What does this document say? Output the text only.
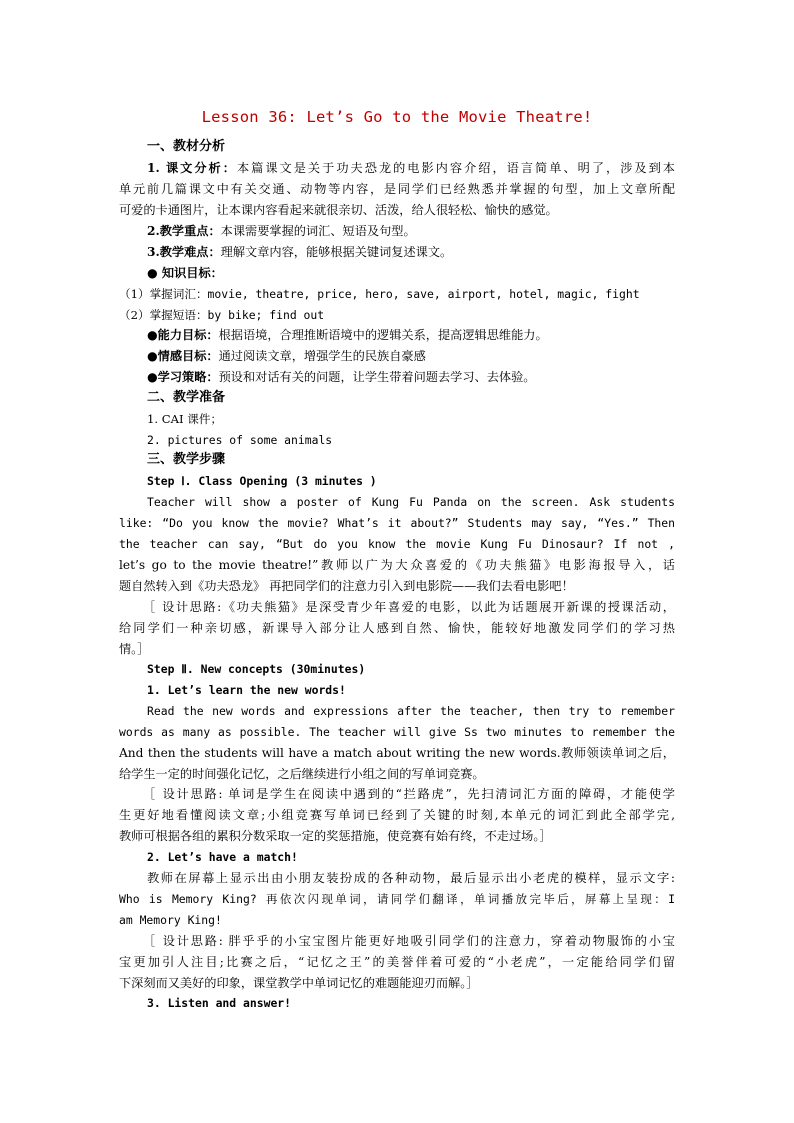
Lesson 36: Let’s Go to the Movie Theatre!
一、教材分析
1. 课文分析：本篇课文是关于功夫恐龙的电影内容介绍，语言简单、明了，涉及到本
单元前几篇课文中有关交通、动物等内容，是同学们已经熟悉并掌握的句型，加上文章所配
可爱的卡通图片，让本课内容看起来就很亲切、活泼，给人很轻松、愉快的感觉。
2.教学重点：本课需要掌握的词汇、短语及句型。
3.教学难点：理解文章内容，能够根据关键词复述课文。
● 知识目标：
（1）掌握词汇：movie, theatre, price, hero, save, airport, hotel, magic, fight
（2）掌握短语：by bike; find out
●能力目标：根据语境，合理推断语境中的逻辑关系，提高逻辑思维能力。
●情感目标：通过阅读文章，增强学生的民族自豪感
●学习策略：预设和对话有关的问题，让学生带着问题去学习、去体验。
二、教学准备
1. CAI 课件；
2. pictures of some animals
三、教学步骤
Step Ⅰ. Class Opening (3 minutes )
Teacher will show a poster of Kung Fu Panda on the screen. Ask students
like: “Do you know the movie? What’s it about?” Students may say, “Yes.” Then
the teacher can say, “But do you know the movie Kung Fu Dinosaur? If not ,
let’s go to the movie theatre!”教师以广为大众喜爱的《功夫熊猫》电影海报导入，话
题自然转入到《功夫恐龙》 再把同学们的注意力引入到电影院——我们去看电影吧！
［ 设计思路:《功夫熊猫》是深受青少年喜爱的电影，以此为话题展开新课的授课活动，
给同学们一种亲切感，新课导入部分让人感到自然、愉快，能较好地激发同学们的学习热
情。］
Step Ⅱ. New concepts (30minutes)
1. Let’s learn the new words!
Read the new words and expressions after the teacher, then try to remember
words as many as possible. The teacher will give Ss two minutes to remember the
And then the students will have a match about writing the new words.教师领读单词之后，
给学生一定的时间强化记忆，之后继续进行小组之间的写单词竞赛。
［ 设计思路: 单词是学生在阅读中遇到的“拦路虎”，先扫清词汇方面的障碍，才能使学
生更好地看懂阅读文章;小组竞赛写单词已经到了关键的时刻,本单元的词汇到此全部学完,
教师可根据各组的累积分数采取一定的奖惩措施，使竞赛有始有终，不走过场。］
2. Let’s have a match!
教师在屏幕上显示出由小朋友装扮成的各种动物，最后显示出小老虎的模样，显示文字:
Who is Memory King? 再依次闪现单词，请同学们翻译，单词播放完毕后，屏幕上呈现：I
am Memory King!
［ 设计思路: 胖乎乎的小宝宝图片能更好地吸引同学们的注意力，穿着动物服饰的小宝
宝更加引人注目;比赛之后，“记忆之王”的美誉伴着可爱的“小老虎”，一定能给同学们留
下深刻而又美好的印象，课堂教学中单词记忆的难题能迎刃而解。］
3. Listen and answer!
